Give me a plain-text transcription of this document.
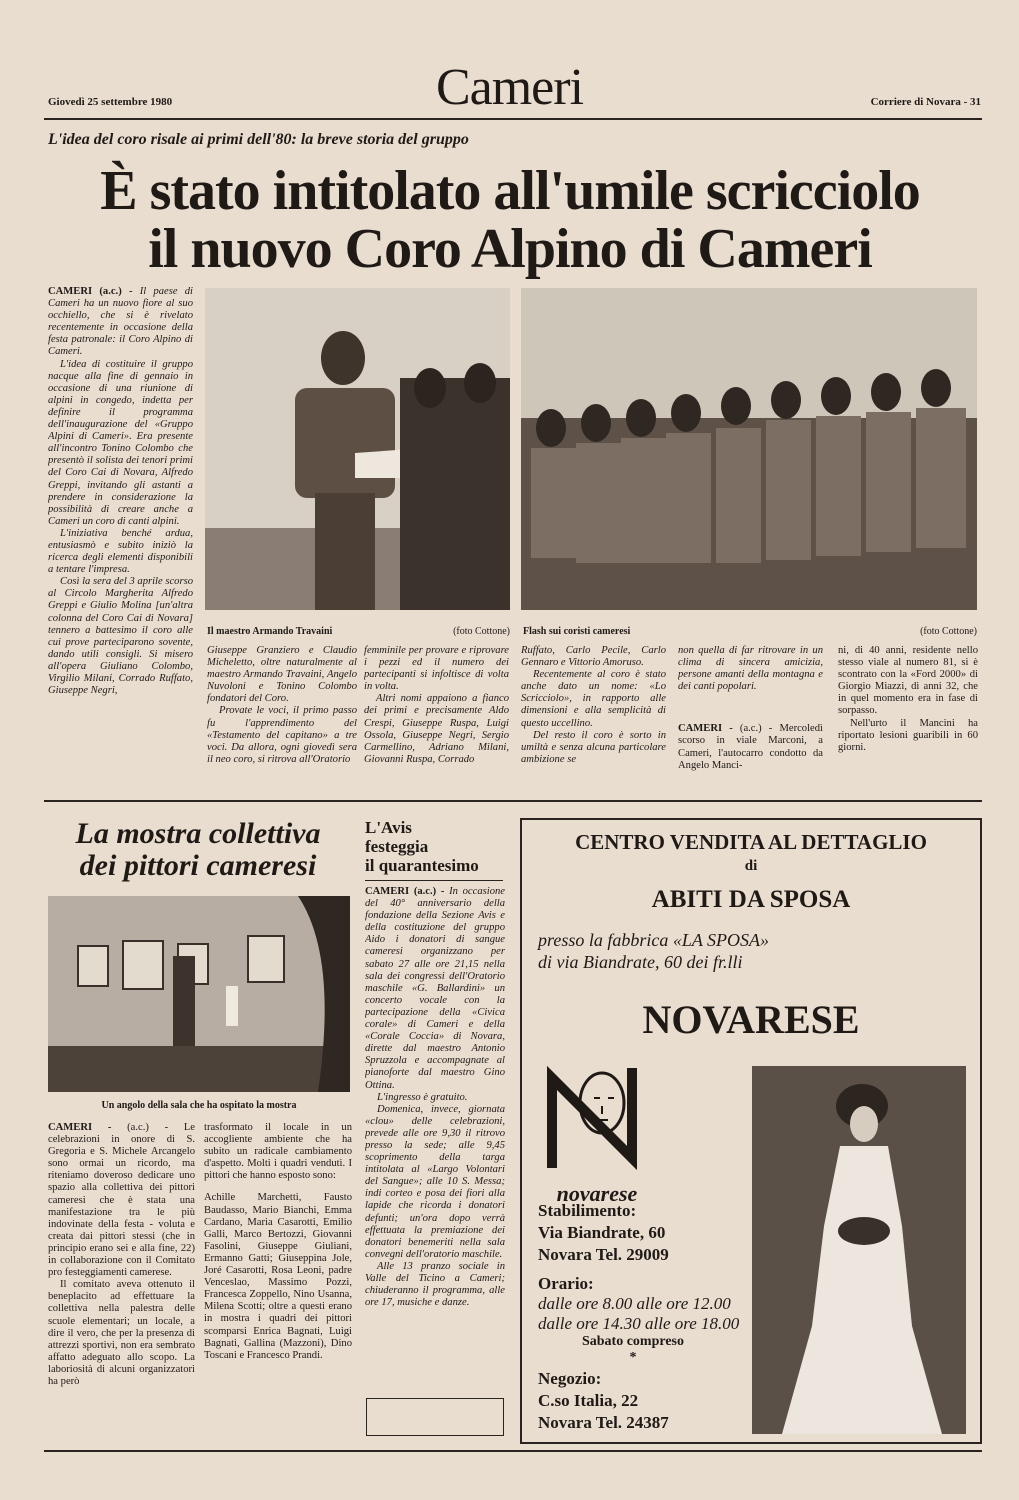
Giovedì 25 settembre 1980	Cameri	Corriere di Novara - 31
L'idea del coro risale ai primi dell'80: la breve storia del gruppo
È stato intitolato all'umile scricciolo
il nuovo Coro Alpino di Cameri

CAMERI (a.c.) - Il paese di Cameri ha un nuovo fiore al suo occhiello, che si è rivelato recentemente in occasione della festa patronale: il Coro Alpino di Cameri.

L'idea di costituire il gruppo nacque alla fine di gennaio in occasione di una riunione di alpini in congedo, indetta per definire il programma dell'inaugurazione del «Gruppo Alpini di Cameri». Era presente all'incontro Tonino Colombo che presentò il solista dei tenori primi del Coro Cai di Novara, Alfredo Greppi, invitando gli astanti a prendere in considerazione la possibilità di creare anche a Cameri un coro di canti alpini.

L'iniziativa benché ardua, entusiasmò e subito iniziò la ricerca degli elementi disponibili a tentare l'impresa.

Così la sera del 3 aprile scorso al Circolo Margherita Alfredo Greppi e Giulio Molina [un'altra colonna del Coro Cai di Novara] tennero a battesimo il coro alle cui prove parteciparono sovente, dando utili consigli. Si misero all'opera Giuliano Colombo, Virgilio Milani, Corrado Ruffato, Giuseppe Negri,

Il maestro Armando Travaini	(foto Cottone) Flash sui coristi cameresi	(foto Cottone)

Giuseppe Granziero e Claudio Micheletto, oltre naturalmente al maestro Armando Travaini, Angelo Nuvoloni e Tonino Colombo fondatori del Coro.

Provate le voci, il primo passo fu l'apprendimento del «Testamento del capitano» a tre voci. Da allora, ogni giovedì sera il neo coro, si ritrova all'Oratorio

femminile per provare e riprovare i pezzi ed il numero dei partecipanti si infoltisce di volta in volta.

Altri nomi appaiono a fianco dei primi e precisamente Aldo Crespi, Giuseppe Ruspa, Luigi Ossola, Giuseppe Negri, Sergio Carmellino, Adriano Milani, Giovanni Ruspa, Corrado

Ruffato, Carlo Pecile, Carlo Gennaro e Vittorio Amoruso.

Recentemente al coro è stato anche dato un nome: «Lo Scricciolo», in rapporto alle dimensioni e alla semplicità di questo uccellino.

Del resto il coro è sorto in umiltà e senza alcuna particolare ambizione se

non quella di far ritrovare in un clima di sincera amicizia, persone amanti della montagna e dei canti popolari.

CAMERI - (a.c.) - Mercoledì scorso in viale Marconi, a Cameri, l'autocarro condotto da Angelo Manci-

ni, di 40 anni, residente nello stesso viale al numero 81, si è scontrato con la «Ford 2000» di Giorgio Miazzi, di anni 32, che in quel momento era in fase di sorpasso.

Nell'urto il Mancini ha riportato lesioni guaribili in 60 giorni.

La mostra collettiva
dei pittori cameresi
Un angolo della sala che ha ospitato la mostra

CAMERI - (a.c.) - Le celebrazioni in onore di S. Gregoria e S. Michele Arcangelo sono ormai un ricordo, ma riteniamo doveroso dedicare uno spazio alla collettiva dei pittori cameresi che è stata una manifestazione tra le più indovinate della festa - voluta e creata dai pittori stessi (che in principio erano sei e alla fine, 22) in collaborazione con il Comitato pro festeggiamenti camerese.

Il comitato aveva ottenuto il beneplacito ad effettuare la collettiva nella palestra delle scuole elementari; un locale, a dire il vero, che per la presenza di attrezzi sportivi, non era sembrato affatto adeguato allo scopo. La laboriosità di alcuni organizzatori ha però

trasformato il locale in un accogliente ambiente che ha subito un radicale cambiamento d'aspetto. Molti i quadri venduti. I pittori che hanno esposto sono:

Achille Marchetti, Fausto Baudasso, Mario Bianchi, Emma Cardano, Maria Casarotti, Emilio Galli, Marco Bertozzi, Giovanni Fasolini, Giuseppe Giuliani, Ermanno Gatti; Giuseppina Jole, Joré Casarotti, Rosa Leoni, padre Venceslao, Massimo Pozzi, Francesca Zoppello, Nino Usanna, Milena Scotti; oltre a questi erano in mostra i quadri dei pittori scomparsi Enrica Bagnati, Luigi Bagnati, Gallina (Mazzoni), Dino Toscani e Francesco Prandi.

L'Avis
festeggia
il quarantesimo

CAMERI (a.c.) - In occasione del 40° anniversario della fondazione della Sezione Avis e della costituzione del gruppo Aido i donatori di sangue cameresi organizzano per sabato 27 alle ore 21,15 nella sala dei congressi dell'Oratorio maschile «G. Ballardini» un concerto vocale con la partecipazione della «Civica corale» di Cameri e della «Corale Coccia» di Novara, dirette dal maestro Antonio Spruzzola e accompagnate al pianoforte dal maestro Gino Ottina.

L'ingresso è gratuito.

Domenica, invece, giornata «clou» delle celebrazioni, prevede alle ore 9,30 il ritrovo presso la sede; alle 9,45 scoprimento della targa intitolata al «Largo Volontari del Sangue»; alle 10 S. Messa; indi corteo e posa dei fiori alla lapide che ricorda i donatori defunti; un'ora dopo verrà effettuata la premiazione dei donatori benemeriti nella sala convegni dell'oratorio maschile.

Alle 13 pranzo sociale in Valle del Ticino a Cameri; chiuderanno il programma, alle ore 17, musiche e danze.

CENTRO VENDITA AL DETTAGLIO
di
ABITI DA SPOSA
presso la fabbrica «LA SPOSA»
di via Biandrate, 60 dei fr.lli
NOVARESE
novarese
Stabilimento:
Via Biandrate, 60
Novara Tel. 29009
Orario:
dalle ore 8.00 alle ore 12.00
dalle ore 14.30 alle ore 18.00
Sabato compreso
*
Negozio:
C.so Italia, 22
Novara Tel. 24387
